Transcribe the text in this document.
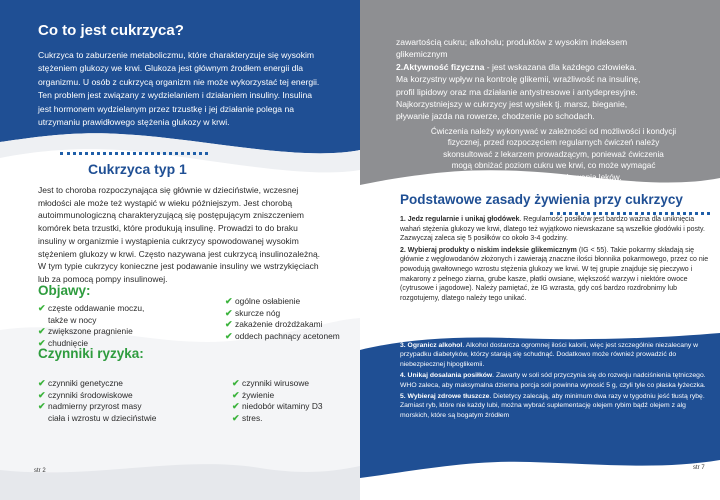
Co to jest cukrzyca?

Cukrzyca to zaburzenie metaboliczmu, które charakteryzuje się wysokim

stężeniem glukozy we krwi. Glukoza jest głównym źrodłem energii dla

organizmu. U osób z cukrzycą organizm nie może wykorzystać tej energii.

Ten problem jest związany z wydzielaniem i działaniem insuliny. Insulina

jest hormonem wydzielanym przez trzustkę i jej działanie polega na

utrzymaniu prawidłowego stężenia glukozy w krwi.

Cukrzyca typ 1

Jest to choroba rozpoczynająca się głównie w dzieciństwie, wczesnej

młodości ale może też wystąpić w wieku późniejszym. Jest chorobą

autoimmunologiczną charakteryzującą się postępującym zniszczeniem

komórek beta trzustki, które produkują insulinę. Prowadzi to do braku

insuliny w organizmie i wystąpienia cukrzycy spowodowanej wysokim

stężeniem glukozy w krwi. Często nazywana jest cukrzycą insulinozależną.

W tym typie cukrzycy konieczne jest podawanie insuliny we wstrzykięciach

lub za pomocą pompy insulinowej.

Objawy:
✔ częste oddawanie moczu,
także w nocy
✔ zwiększone pragnienie
✔ chudnięcie
✔ ogólne osłabienie
✔ skurcze nóg
✔ zakażenie drożdżakami
✔ oddech pachnący acetonem
Czynniki ryzyka:
✔ czynniki genetyczne
✔ czynniki środowiskowe
✔ nadmierny przyrost masy
ciała i wzrostu w dzieciństwie
✔ czynniki wirusowe
✔ żywienie
✔ niedobór witaminy D3
✔ stres.
str 2

zawartością cukru; alkoholu; produktów z wysokim indeksem

glikemicznym

2.Aktywność fizyczna - jest wskazana dla każdego człowieka.

Ma korzystny wpływ na kontrolę glikemii, wrażliwość na insulinę,

profil lipidowy oraz ma działanie antystresowe i antydepresyjne.

Najkorzystniejszy w cukrzycy jest wysiłek tj. marsz, bieganie,

pływanie jazda na rowerze, chodzenie po schodach.

Ćwiczenia należy wykonywać w zależności od możliwości i kondycji

fizycznej, przed rozpoczęciem regularnych ćwiczeń należy

skonsultować z lekarzem prowadzącym, ponieważ ćwiczenia

mogą obniżać poziom cukru we krwi, co może wymagać

zmiany diety oraz dawkowania leków.

Podstawowe zasady żywienia przy cukrzycy

1. Jedz regularnie i unikaj głodówek. Regularność posiłków jest bardzo ważna dla uniknięcia wahań stężenia glukozy we krwi, dlatego też wyjątkowo niewskazane są wszelkie głodówki i posty. Zazwyczaj zaleca się 5 posiłków co około 3-4 godziny.

2. Wybieraj produkty o niskim indeksie glikemicznym (IG < 55). Takie pokarmy składają się głównie z węglowodanów złożonych i zawierają znaczne ilości błonnika pokarmowego, przez co nie powodują gwałtownego wzrostu stężenia glukozy we krwi. W tej grupie znajduje się pieczywo i makarony z pełnego ziarna, grube kasze, płatki owsiane, większość warzyw i niektóre owoce (cytrusowe i jagodowe). Należy pamiętać, że IG wzrasta, gdy coś bardzo rozdrobnimy lub rozgotujemy, dlatego należy tego unikać.

3. Ogranicz alkohol. Alkohol dostarcza ogromnej ilości kalorii, więc jest szczególnie niezalecany w przypadku diabetyków, którzy starają się schudnąć. Dodatkowo może również prowadzić do niebezpiecznej hipoglikemii.

4. Unikaj dosalania posiłków. Zawarty w soli sód przyczynia się do rozwoju nadciśnienia tętniczego. WHO zaleca, aby maksymalna dzienna porcja soli powinna wynosić 5 g, czyli tyle co płaska łyżeczka.

5. Wybieraj zdrowe tłuszcze. Dietetycy zalecają, aby minimum dwa razy w tygodniu jeść tłustą rybę. Zamiast ryb, które nie każdy lubi, można wybrać suplementację olejem rybim bądź olejem z alg morskich, które są bogatym źródłem

str 7
